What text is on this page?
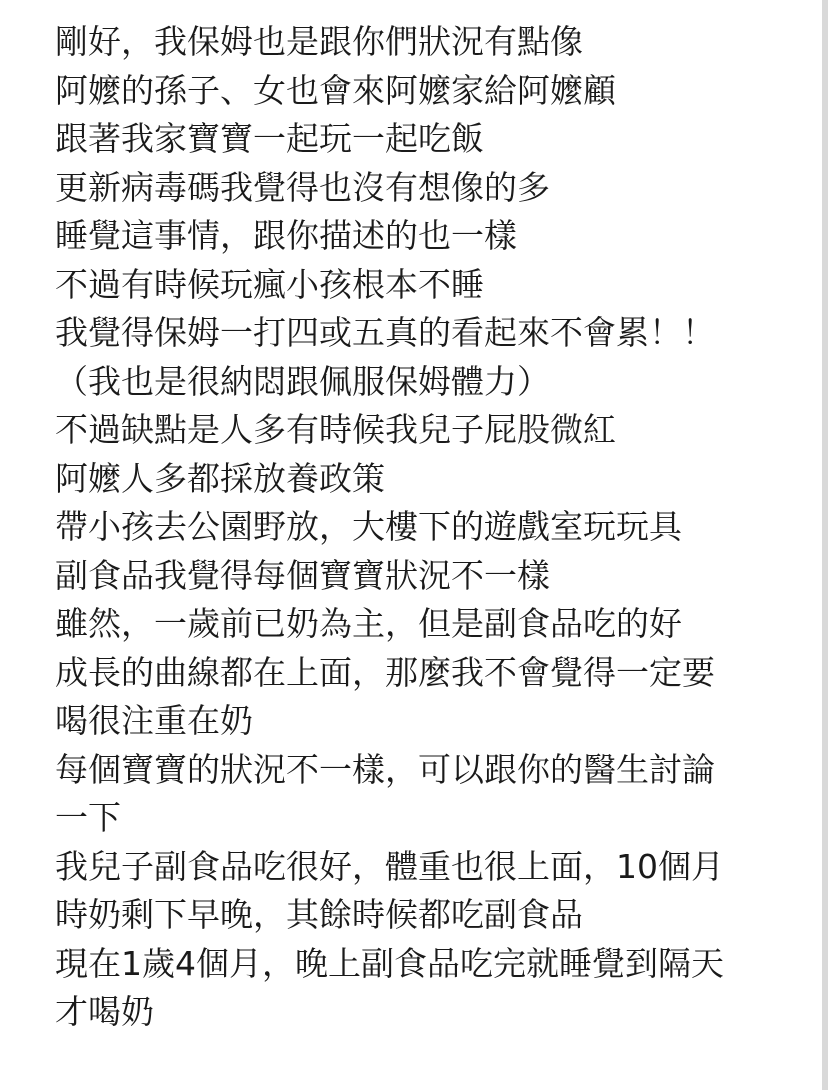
剛好，我保姆也是跟你們狀況有點像

阿嬤的孫子、女也會來阿嬤家給阿嬤顧

跟著我家寶寶一起玩一起吃飯

更新病毒碼我覺得也沒有想像的多

睡覺這事情，跟你描述的也一樣

不過有時候玩瘋小孩根本不睡

我覺得保姆一打四或五真的看起來不會累！！

（我也是很納悶跟佩服保姆體力）

不過缺點是人多有時候我兒子屁股微紅

阿嬤人多都採放養政策

帶小孩去公園野放，大樓下的遊戲室玩玩具

副食品我覺得每個寶寶狀況不一樣

雖然，一歲前已奶為主，但是副食品吃的好

成長的曲線都在上面，那麼我不會覺得一定要

喝很注重在奶

每個寶寶的狀況不一樣，可以跟你的醫生討論

一下

我兒子副食品吃很好，體重也很上面，10個月

時奶剩下早晚，其餘時候都吃副食品

現在1歲4個月，晚上副食品吃完就睡覺到隔天

才喝奶
